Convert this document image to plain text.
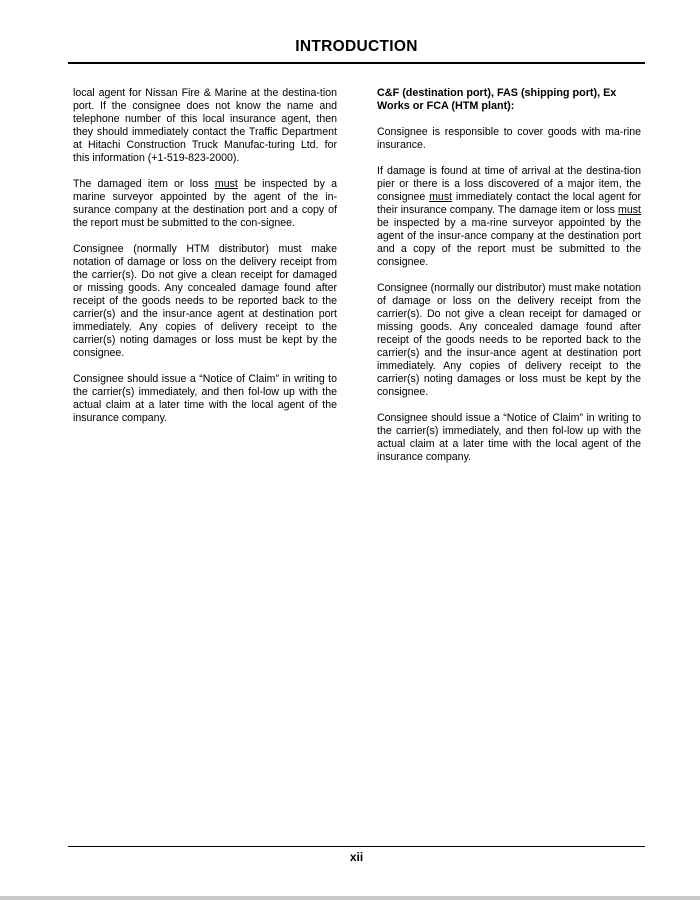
INTRODUCTION

local agent for Nissan Fire & Marine at the destina-tion port. If the consignee does not know the name and telephone number of this local insurance agent, then they should immediately contact the Traffic Department at Hitachi Construction Truck Manufac-turing Ltd. for this information (+1-519-823-2000).

The damaged item or loss must be inspected by a marine surveyor appointed by the agent of the in-surance company at the destination port and a copy of the report must be submitted to the con-signee.

Consignee (normally HTM distributor) must make notation of damage or loss on the delivery receipt from the carrier(s). Do not give a clean receipt for damaged or missing goods. Any concealed damage found after receipt of the goods needs to be reported back to the carrier(s) and the insur-ance agent at destination port immediately. Any copies of delivery receipt to the carrier(s) noting damages or loss must be kept by the consignee.

Consignee should issue a “Notice of Claim” in writing to the carrier(s) immediately, and then fol-low up with the actual claim at a later time with the local agent of the insurance company.

C&F (destination port), FAS (shipping port), Ex Works or FCA (HTM plant):

Consignee is responsible to cover goods with ma-rine insurance.

If damage is found at time of arrival at the destina-tion pier or there is a loss discovered of a major item, the consignee must immediately contact the local agent for their insurance company. The damage item or loss must be inspected by a ma-rine surveyor appointed by the agent of the insur-ance company at the destination port and a copy of the report must be submitted to the consignee.

Consignee (normally our distributor) must make notation of damage or loss on the delivery receipt from the carrier(s). Do not give a clean receipt for damaged or missing goods. Any concealed damage found after receipt of the goods needs to be reported back to the carrier(s) and the insur-ance agent at destination port immediately. Any copies of delivery receipt to the carrier(s) noting damages or loss must be kept by the consignee.

Consignee should issue a “Notice of Claim” in writing to the carrier(s) immediately, and then fol-low up with the actual claim at a later time with the local agent of the insurance company.

xii
